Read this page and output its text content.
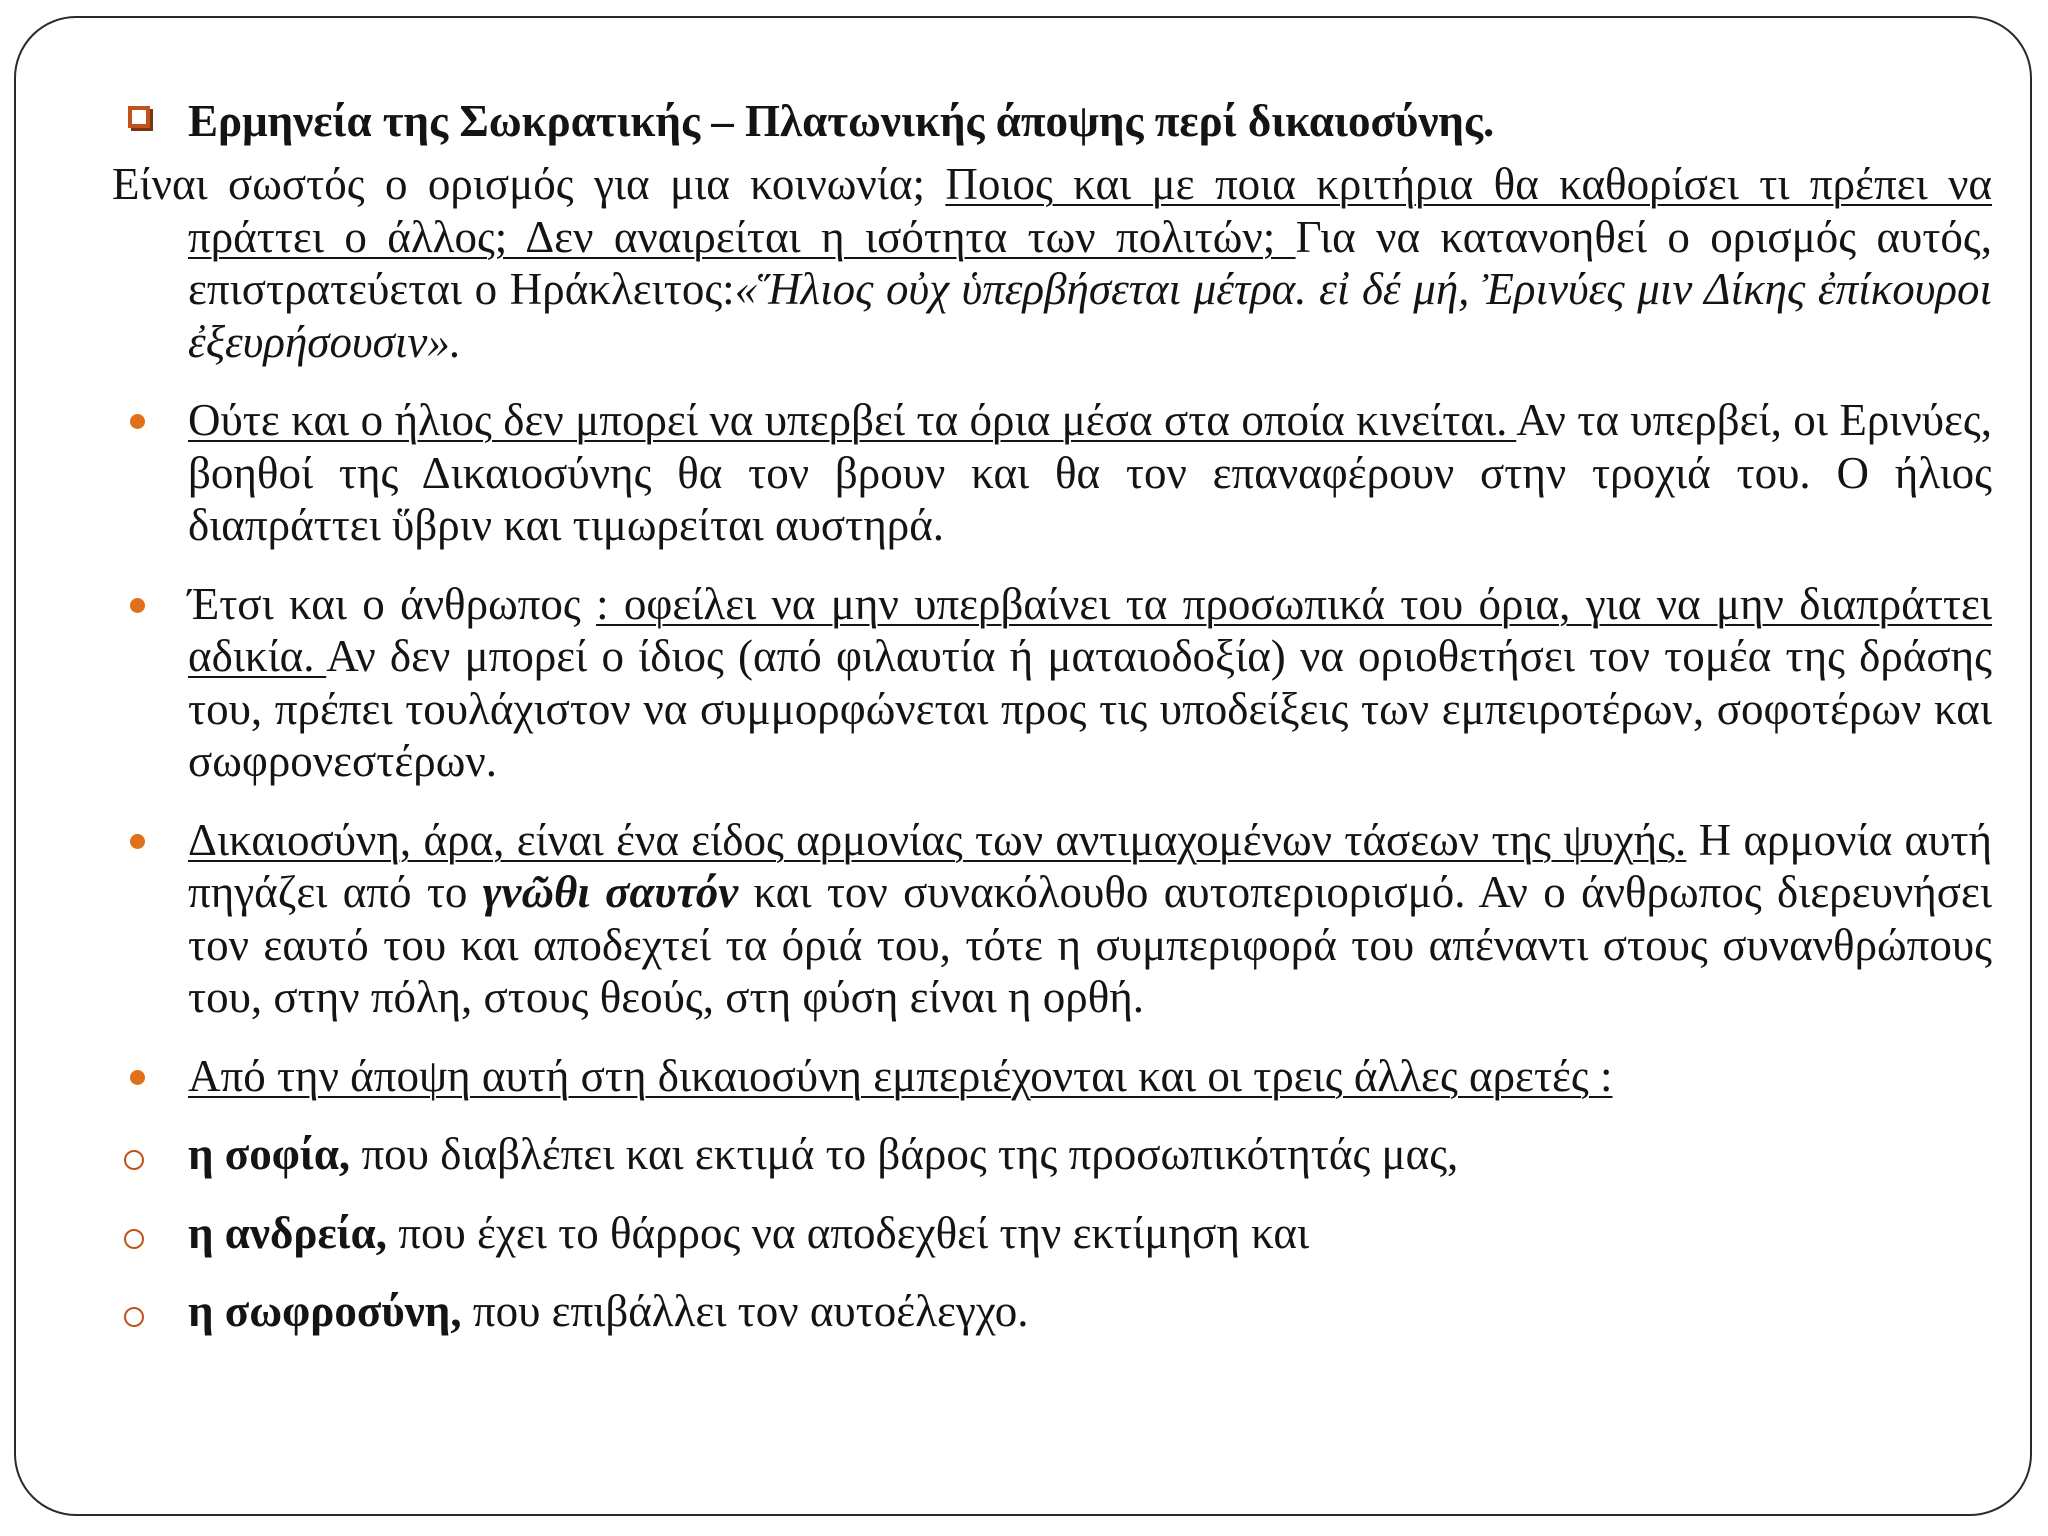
Ερμηνεία της Σωκρατικής – Πλατωνικής άποψης περί δικαιοσύνης.
Είναι σωστός ο ορισμός για μια κοινωνία; Ποιος και με ποια κριτήρια θα καθορίσει τι πρέπει να πράττει ο άλλος; Δεν αναιρείται η ισότητα των πολιτών; Για να κατανοηθεί ο ορισμός αυτός, επιστρατεύεται ο Ηράκλειτος:«Ἥλιος οὐχ ὑπερβήσεται μέτρα. εἰ δέ μή, Ἐρινύες μιν Δίκης ἐπίκουροι ἐξευρήσουσιν».
Ούτε και ο ήλιος δεν μπορεί να υπερβεί τα όρια μέσα στα οποία κινείται. Αν τα υπερβεί, οι Ερινύες, βοηθοί της Δικαιοσύνης θα τον βρουν και θα τον επαναφέρουν στην τροχιά του. Ο ήλιος διαπράττει ὕβριν και τιμωρείται αυστηρά.
Έτσι και ο άνθρωπος : οφείλει να μην υπερβαίνει τα προσωπικά του όρια, για να μην διαπράττει αδικία. Αν δεν μπορεί ο ίδιος (από φιλαυτία ή ματαιοδοξία) να οριοθετήσει τον τομέα της δράσης του, πρέπει τουλάχιστον να συμμορφώνεται προς τις υποδείξεις των εμπειροτέρων, σοφοτέρων και σωφρονεστέρων.
Δικαιοσύνη, άρα, είναι ένα είδος αρμονίας των αντιμαχομένων τάσεων της ψυχής. Η αρμονία αυτή πηγάζει από το γνῶθι σαυτόν και τον συνακόλουθο αυτοπεριορισμό. Αν ο άνθρωπος διερευνήσει τον εαυτό του και αποδεχτεί τα όριά του, τότε η συμπεριφορά του απέναντι στους συνανθρώπους του, στην πόλη, στους θεούς, στη φύση είναι η ορθή.
Από την άποψη αυτή στη δικαιοσύνη εμπεριέχονται και οι τρεις άλλες αρετές :
η σοφία, που διαβλέπει και εκτιμά το βάρος της προσωπικότητάς μας,
η ανδρεία, που έχει το θάρρος να αποδεχθεί την εκτίμηση και
η σωφροσύνη, που επιβάλλει τον αυτοέλεγχο.
